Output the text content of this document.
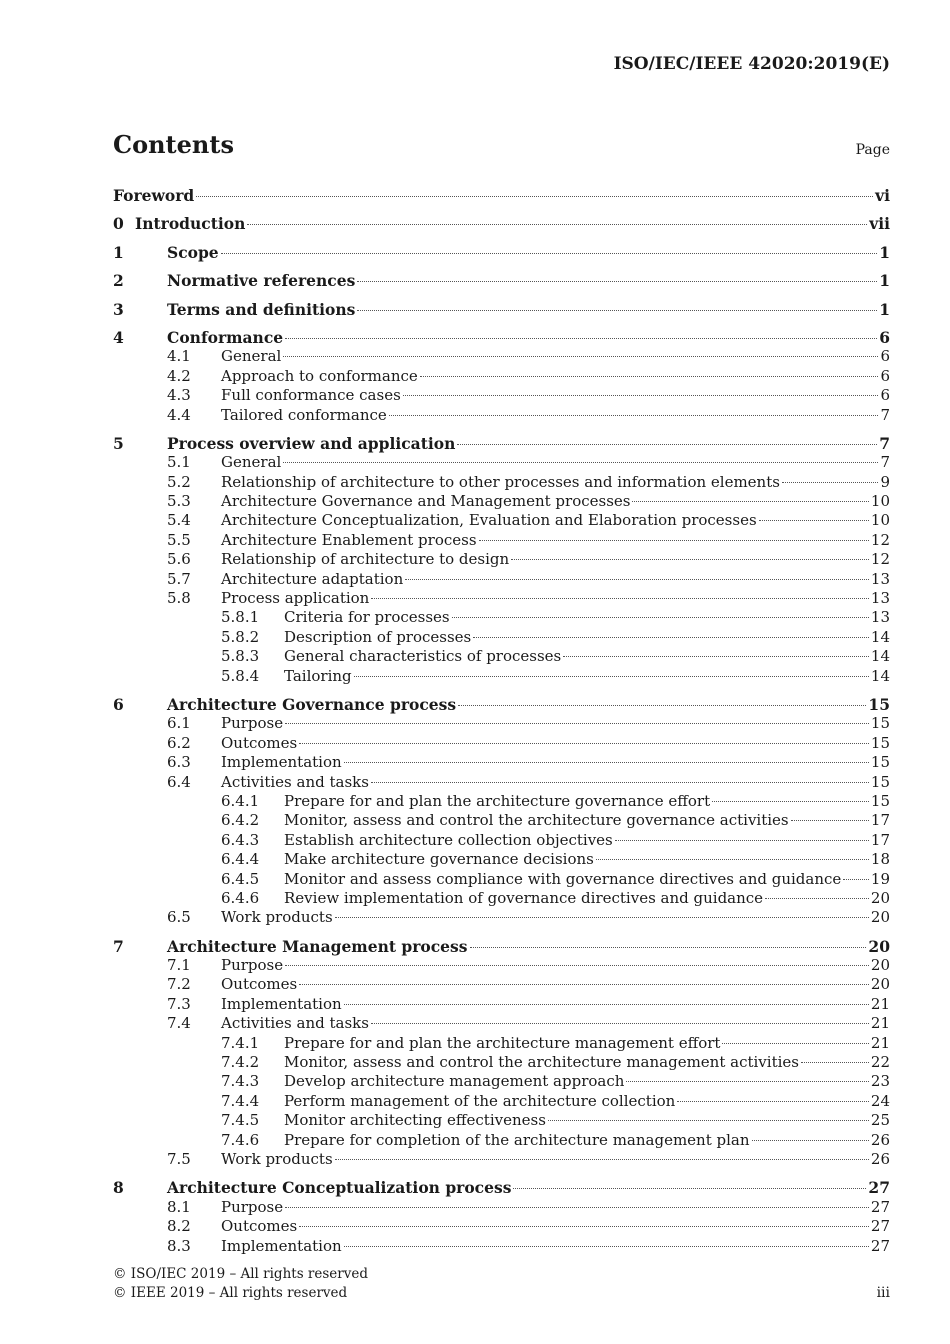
ISO/IEC/IEEE 42020:2019(E)
Contents	Page
Foreword	vi
0 Introduction	vii
1	Scope	1
2	Normative references	1
3	Terms and definitions	1
4	Conformance	6
4.1	General	6
4.2	Approach to conformance	6
4.3	Full conformance cases	6
4.4	Tailored conformance	7
5	Process overview and application	7
5.1	General	7
5.2	Relationship of architecture to other processes and information elements	9
5.3	Architecture Governance and Management processes	10
5.4	Architecture Conceptualization, Evaluation and Elaboration processes	10
5.5	Architecture Enablement process	12
5.6	Relationship of architecture to design	12
5.7	Architecture adaptation	13
5.8	Process application	13
5.8.1	Criteria for processes	13
5.8.2	Description of processes	14
5.8.3	General characteristics of processes	14
5.8.4	Tailoring	14
6	Architecture Governance process	15
6.1	Purpose	15
6.2	Outcomes	15
6.3	Implementation	15
6.4	Activities and tasks	15
6.4.1	Prepare for and plan the architecture governance effort	15
6.4.2	Monitor, assess and control the architecture governance activities	17
6.4.3	Establish architecture collection objectives	17
6.4.4	Make architecture governance decisions	18
6.4.5	Monitor and assess compliance with governance directives and guidance 19
6.4.6	Review implementation of governance directives and guidance	20
6.5	Work products	20
7	Architecture Management process	20
7.1	Purpose	20
7.2	Outcomes	20
7.3	Implementation	21
7.4	Activities and tasks	21
7.4.1	Prepare for and plan the architecture management effort	21
7.4.2	Monitor, assess and control the architecture management activities	22
7.4.3	Develop architecture management approach	23
7.4.4	Perform management of the architecture collection	24
7.4.5	Monitor architecting effectiveness	25
7.4.6	Prepare for completion of the architecture management plan	26
7.5	Work products	26
8	Architecture Conceptualization process	27
8.1	Purpose	27
8.2	Outcomes	27
8.3	Implementation	27
© ISO/IEC 2019 – All rights reserved
© IEEE 2019 – All rights reserved	iii
